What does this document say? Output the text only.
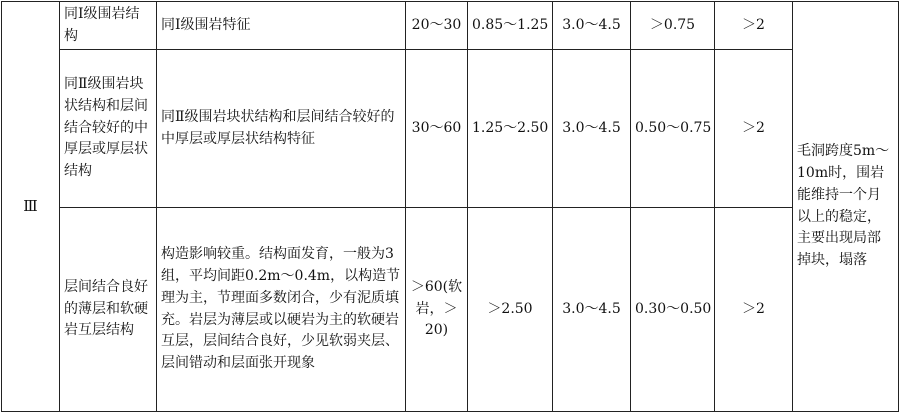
Ⅲ	同Ⅰ级围岩结构	同Ⅰ级围岩特征	20～30	0.85～1.25	3.0～4.5	＞0.75	＞2	毛洞跨度5m～10m时，围岩能维持一个月以上的稳定，主要出现局部掉块，塌落
	同Ⅱ级围岩块状结构和层间结合较好的中厚层或厚层状结构	同Ⅱ级围岩块状结构和层间结合较好的中厚层或厚层状结构特征	30～60	1.25～2.50	3.0～4.5	0.50～0.75	＞2	
	层间结合良好的薄层和软硬岩互层结构	构造影响较重。结构面发育，一般为3组，平均间距0.2m～0.4m，以构造节理为主，节理面多数闭合，少有泥质填充。岩层为薄层或以硬岩为主的软硬岩互层，层间结合良好，少见软弱夹层、层间错动和层面张开现象	＞60(软岩，＞20)	＞2.50	3.0～4.5	0.30～0.50	＞2	
